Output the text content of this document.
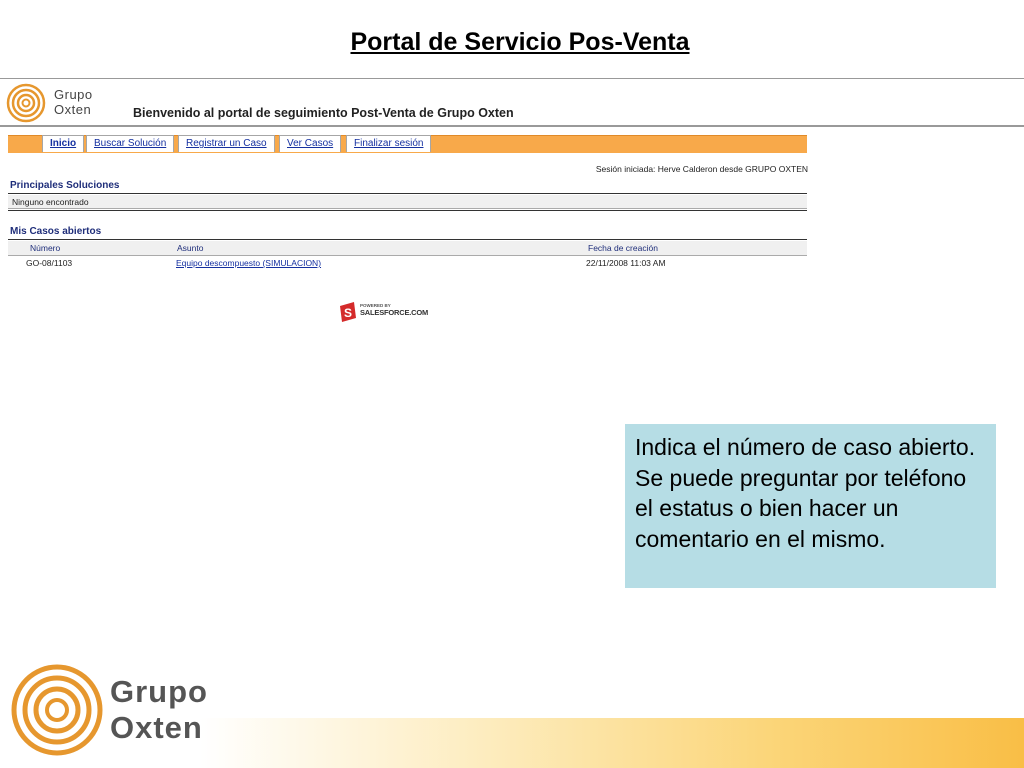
Portal de Servicio Pos-Venta
Grupo
Oxten	Bienvenido al portal de seguimiento Post-Venta de Grupo Oxten
Inicio	Buscar Solución	Registrar un Caso	Ver Casos	Finalizar sesión
Sesión iniciada: Herve Calderon desde GRUPO OXTEN
Principales Soluciones
Ninguno encontrado
Mis Casos abiertos
Número	Asunto	Fecha de creación
GO-08/1103	Equipo descompuesto (SIMULACION)	22/11/2008 11:03 AM
S
POWERED BY
SALESFORCE.COM
Indica el número de caso abierto. Se puede preguntar por teléfono el estatus o bien hacer un comentario en el mismo.
Grupo
Oxten
